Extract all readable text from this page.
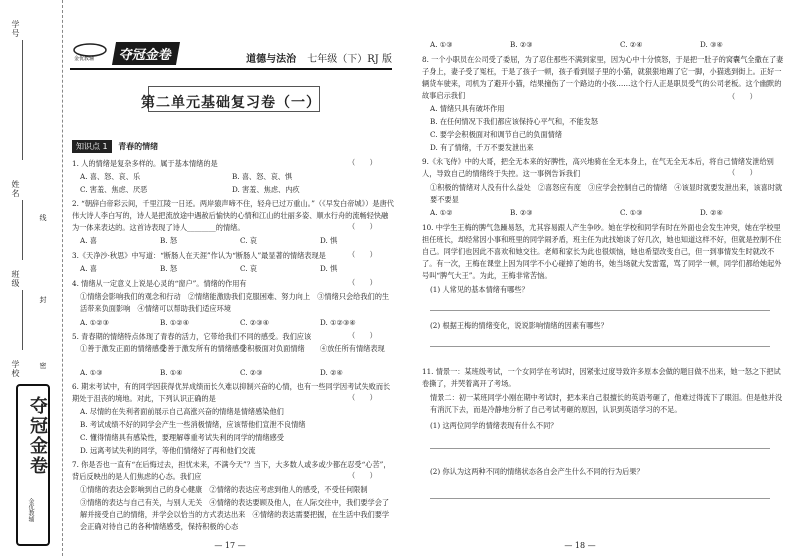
学号
姓名
班级
学校
线
封
密
夺冠金卷
金优教辅
金优教辅	夺冠金卷	道德与法治 七年级（下）RJ 版
第二单元基础复习卷（一）
知识点 1 青春的情绪
1. 人的情绪是复杂多样的。属于基本情绪的是	（　　）
A. 喜、怒、哀、乐	B. 喜、怒、哀、惧
C. 害羞、焦虑、厌恶	D. 害羞、焦虑、内疚
2. “朝辞白帝彩云间，千里江陵一日还。两岸猿声啼不住，轻舟已过万重山。”（《早发白帝城》）是唐代伟大诗人李白写的，诗人是把流放途中遇赦后愉快的心情和江山的壮丽多姿、顺水行舟的流畅轻快融为一体来表达的。这首诗表现了诗人________的情绪。	（　　）
A. 喜	B. 怒	C. 哀	D. 惧
3.《天净沙·秋思》中写道：“断肠人在天涯”作认为“断肠人”最显著的情绪表现是	（　　）
A. 喜	B. 怒	C. 哀	D. 惧
4. 情绪从一定意义上说是心灵的“窗户”。情绪的作用有	（　　）
①情绪会影响我们的观念和行动　②情绪能激励我们克服困难、努力向上　③情绪只会给我们的生活带来负面影响　④情绪可以帮助我们适应环境
A. ①②③	B. ①②④	C. ②③④	D. ①②③④
5. 青春期的情绪特点体现了青春的活力，它带给我们不同的感受。我们应该	（　　）
①善于激发正面的情绪感受
②善于激发所有的情绪感受
③积极面对负面情绪 ④放任所有情绪表现
A. ①③	B. ①④	C. ②③	D. ②④
6. 期末考试中，有的同学因获得优异成绩而长久难以抑制兴奋的心情，也有一些同学因考试失败而长期处于沮丧的境地。对此，下列认识正确的是	（　　）
A. 尽情的在失利者面前展示自己高涨兴奋的情绪是情绪感染他们
B. 考试成绩不好的同学会产生一些消极情绪，应该帮他们宣泄不良情绪
C. 懂得情绪具有感染性，要理解尊重考试失利的同学的情绪感受
D. 远离考试失利的同学，等他们情绪好了再和他们交流
7. 你是否也一直有“在后悔过去，担忧未来，不满今天”？当下，大多数人或多或少都在忍受“心苦”，背后反映出的是人们焦虑的心态。我们应	（　　）
①情绪的表达会影响到自己的身心健康　②情绪的表达应考虑到他人的感受，不受任何限制
③情绪的表达与自己有关，与别人无关　④情绪的表达要顾及他人，在人际交往中，我们要学会了解并接受自己的情绪，并学会以恰当的方式表达出来　④情绪的表达需要把握，在生活中我们要学会正确对待自己的各种情绪感受，保持积极的心态
— 17 —
A. ①③	B. ②③	C. ②④	D. ③④
8. 一个小职员在公司受了委屈，为了忍住那些不满到家里，因为心中十分愤怒，于是把一肚子的窝囊气全撒在了妻子身上，妻子受了冤枉，于是了孩子一顿，孩子看到屋子里的小猫，就狠狠地踢了它一脚，小猫逃到街上。正好一辆货车驶来，司机为了避开小猫，结果撞伤了一个路边的小孩……这个行人正是职员受气的公司老板。这个幽默的故事启示我们	（　　）
A. 情绪只具有破坏作用
B. 在任何情况下我们都应该保持心平气和，不能发怒
C. 要学会积极面对和调节自己的负面情绪
D. 有了情绪，千万不要发泄出来
9.《永飞侍》中的大哥，把全无本来的好脾性，高兴地骑在全无本身上，在气无全无本后，将自己情绪发泄给别人，导致自己的情绪终于失控。这一事例告诉我们	（　　）
①积极的情绪对人没有什么益处　②喜怒应有度　③应学会控制自己的情绪　④该显时就要发泄出来，该喜时就要不要显
A. ①②	B. ②③	C. ①③	D. ②④
10. 中学生王梅的脾气急躁易怒，尤其容易跟人产生争吵。她在学校和同学有时在外面也会发生冲突，她在学校里担任班长，却经常因小事和班里的同学闹矛盾，班主任为此找她谈了好几次，她也知道这样不好，但就是控制不住自己。同学们也因此不喜欢和她交往。老师和家长为此也很烦恼，她也希望改变自己，但一到事情发生时就改不了。有一次，王梅在课堂上因为同学不小心碰掉了她的书，她当场就大发雷霆，骂了同学一顿，同学们都给她起外号叫“脾气大王”。为此，王梅非常苦恼。
(1) 人常见的基本情绪有哪些？
(2) 根据王梅的情绪变化，说说影响情绪的因素有哪些？
11. 情景一：某班级考试，一个女同学在考试时，因紧张过度导致许多原本会做的题目做不出来，她一怒之下把试卷撕了，并哭着离开了考场。
情景二：初一某班同学小刚在期中考试时，把本来自己很擅长的英语考砸了，他难过得流下了眼泪。但是他并没有消沉下去，而是冷静地分析了自己考试考砸的原因，认识到英语学习的不足。
(1) 这两位同学的情绪表现有什么不同？
(2) 你认为这两种不同的情绪状态各自会产生什么不同的行为后果？
— 18 —
